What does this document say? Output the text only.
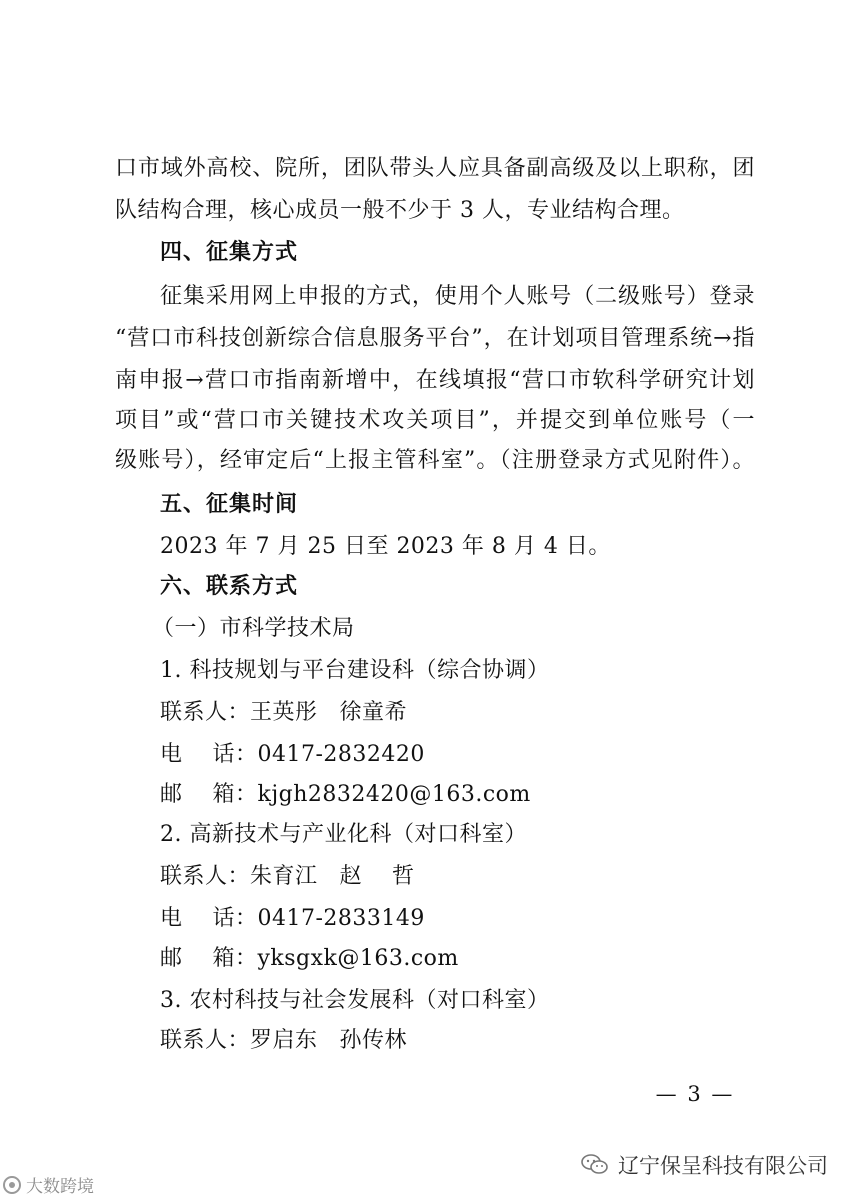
口市域外高校、院所，团队带头人应具备副高级及以上职称，团
队结构合理，核心成员一般不少于 3 人，专业结构合理。
四、征集方式
征集采用网上申报的方式，使用个人账号（二级账号）登录
“营口市科技创新综合信息服务平台”，在计划项目管理系统→指
南申报→营口市指南新增中，在线填报“营口市软科学研究计划
项目”或“营口市关键技术攻关项目”，并提交到单位账号（一
级账号），经审定后“上报主管科室”。（注册登录方式见附件）。
五、征集时间
2023 年 7 月 25 日至 2023 年 8 月 4 日。
六、联系方式
（一）市科学技术局
1. 科技规划与平台建设科（综合协调）
联系人：王英彤 徐童希
电    话：0417-2832420
邮    箱：kjgh2832420@163.com
2. 高新技术与产业化科（对口科室）
联系人：朱育江 赵    哲
电    话：0417-2833149
邮    箱：yksgxk@163.com
3. 农村科技与社会发展科（对口科室）
联系人：罗启东 孙传林
— 3 —
大数跨境
辽宁保呈科技有限公司
